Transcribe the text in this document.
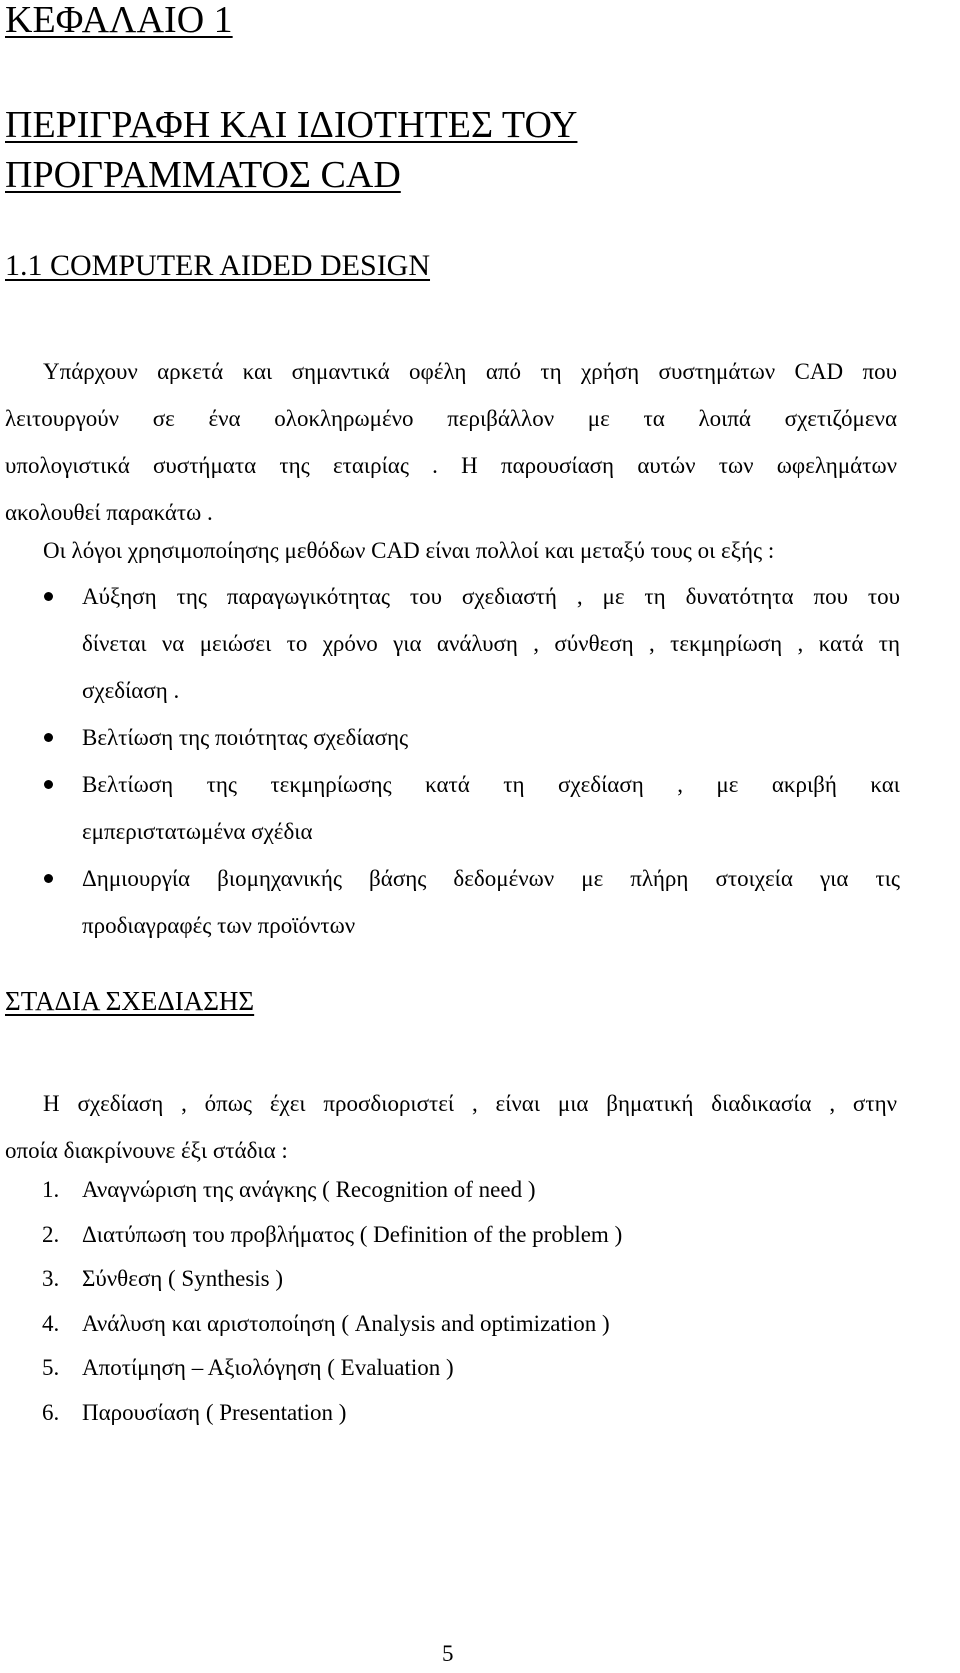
ΚΕΦΑΛΑΙΟ 1
ΠΕΡΙΓΡΑΦΗ ΚΑΙ ΙΔΙΟΤΗΤΕΣ ΤΟΥ ΠΡΟΓΡΑΜΜΑΤΟΣ CAD
1.1 COMPUTER AIDED DESIGN
Υπάρχουν αρκετά και σημαντικά οφέλη από τη χρήση συστημάτων CAD που
λειτουργούν σε ένα ολοκληρωμένο περιβάλλον με τα λοιπά σχετιζόμενα
υπολογιστικά συστήματα της εταιρίας . Η παρουσίαση αυτών των ωφελημάτων
ακολουθεί παρακάτω .
Οι λόγοι χρησιμοποίησης μεθόδων CAD είναι πολλοί και μεταξύ τους οι εξής :
Αύξηση της παραγωγικότητας του σχεδιαστή , με τη δυνατότητα που του
δίνεται να μειώσει το χρόνο για ανάλυση , σύνθεση , τεκμηρίωση , κατά τη
σχεδίαση .
Βελτίωση της ποιότητας σχεδίασης
Βελτίωση της τεκμηρίωσης κατά τη σχεδίαση , με ακριβή και
εμπεριστατωμένα σχέδια
Δημιουργία βιομηχανικής βάσης δεδομένων με πλήρη στοιχεία για τις
προδιαγραφές των προϊόντων
ΣΤΑΔΙΑ ΣΧΕΔΙΑΣΗΣ
Η σχεδίαση , όπως έχει προσδιοριστεί , είναι μια βηματική διαδικασία , στην
οποία διακρίνουνε έξι στάδια :
1. Αναγνώριση της ανάγκης ( Recognition of need )
2. Διατύπωση του προβλήματος ( Definition of the problem )
3. Σύνθεση ( Synthesis )
4. Ανάλυση και αριστοποίηση ( Analysis and optimization )
5. Αποτίμηση – Αξιολόγηση ( Evaluation )
6. Παρουσίαση ( Presentation )
5
